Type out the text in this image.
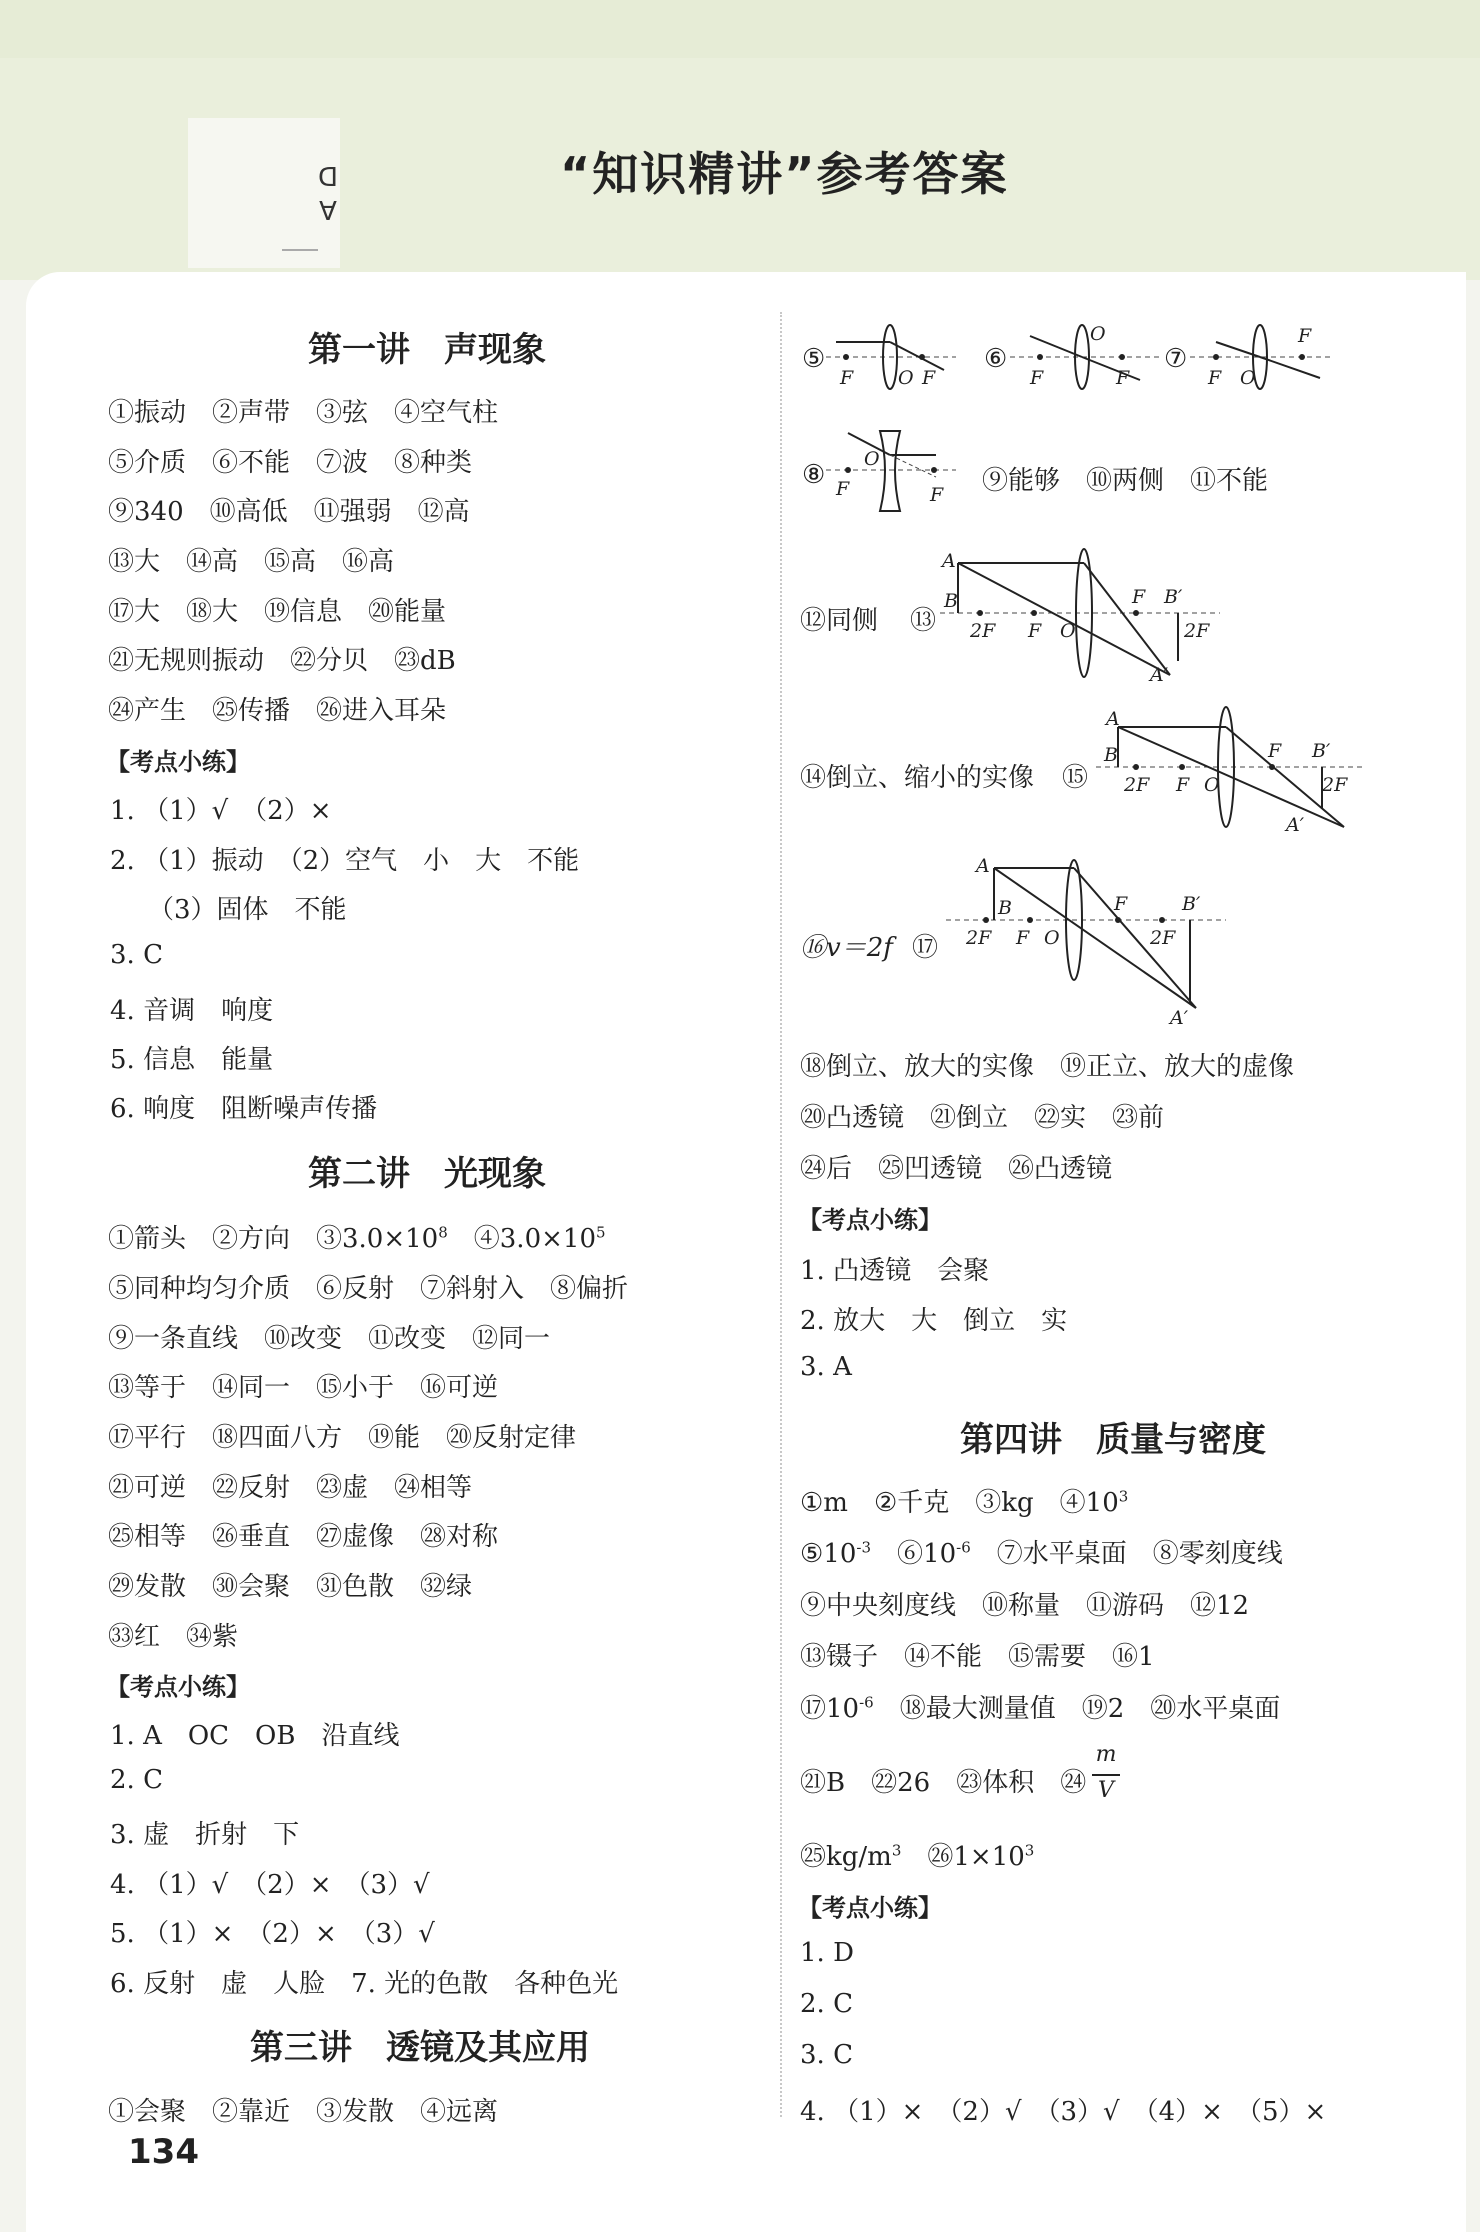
AD	“知识精讲”参考答案
第一讲　声现象
①振动　②声带　③弦　④空气柱
⑤介质　⑥不能　⑦波　⑧种类
⑨340　⑩高低　⑪强弱　⑫高
⑬大　⑭高　⑮高　⑯高
⑰大　⑱大　⑲信息　⑳能量
㉑无规则振动　㉒分贝　㉓dB
㉔产生　㉕传播　㉖进入耳朵
【考点小练】
1. （1）√　（2）×
2. （1）振动　（2）空气　小　大　不能
（3）固体　不能
3. C
4. 音调　响度
5. 信息　能量
6. 响度　阻断噪声传播
第二讲　光现象
①箭头　②方向　$③3.0\times 10^8$　$④3.0\times 10^5$
⑤同种均匀介质　⑥反射　⑦斜射入　⑧偏折
⑨一条直线　⑩改变　⑪改变　⑫同一
⑬等于　⑭同一　⑮小于　⑯可逆
⑰平行　⑱四面八方　⑲能　⑳反射定律
㉑可逆　㉒反射　㉓虚　㉔相等
㉕相等　㉖垂直　㉗虚像　㉘对称
㉙发散　㉚会聚　㉛色散　㉜绿
㉝红　㉞紫
【考点小练】
1. A　OC　OB　沿直线
2. C
3. 虚　折射　下
4. （1）√　（2）×　（3）√
5. （1）×　（2）×　（3）√
6. 反射　虚　人脸　7. 光的色散　各种色光
第三讲　透镜及其应用
①会聚　②靠近　③发散　④远离
134
⑤
F O F
⑥
F
O
F
⑦
F O
F
⑧
O
F	F ⑨能够　⑩两侧　⑪不能
⑫同侧 ⑬
A
B
2F F O
F B′
2F
A′
⑭倒立、缩小的实像 ⑮
A
B
2F F O
F B′
2F
A′
⑯v＝2f ⑰
A
B
2F F O
F	B′
2F
A′
⑱倒立、放大的实像　⑲正立、放大的虚像
⑳凸透镜　㉑倒立　㉒实　㉓前
㉔后　㉕凹透镜　㉖凸透镜
【考点小练】
1. 凸透镜　会聚
2. 放大　大　倒立　实
3. A
第四讲　质量与密度
①m　②千克　③kg　$④10^3$
$⑤10^{-3}$　$⑥10^{-6}$　⑦水平桌面　⑧零刻度线
⑨中央刻度线　⑩称量　⑪游码　⑫12
⑬镊子　⑭不能　⑮需要　⑯1
$⑰10^{-6}$　⑱最大测量值　⑲2　⑳水平桌面
㉑B　㉒26　㉓体积　㉔
m
V
㉕kg/$m^3$　$㉖1\times 10^3$
【考点小练】
1. D
2. C
3. C
4. （1）×　（2）√　（3）√　（4）×　（5）×
